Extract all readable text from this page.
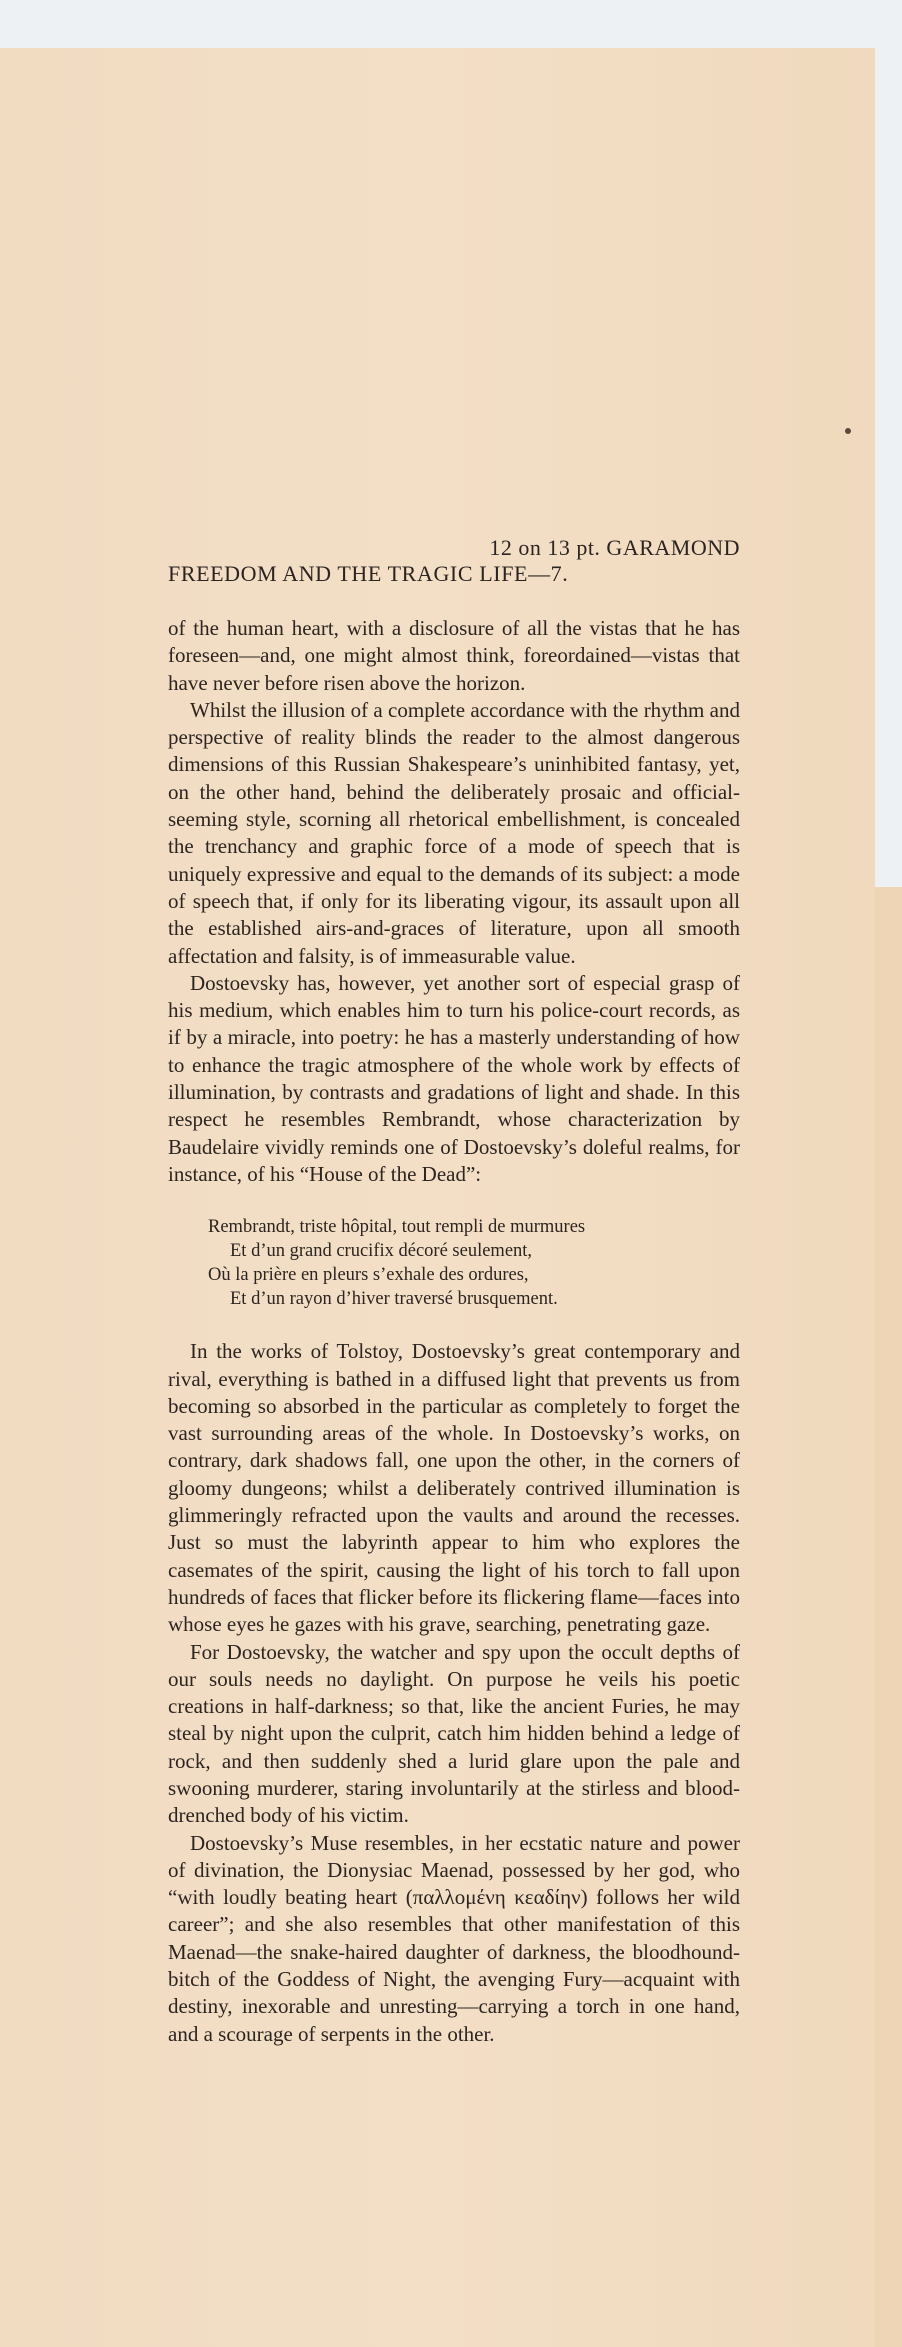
12 on 13 pt. GARAMOND

FREEDOM AND THE TRAGIC LIFE—7.

of the human heart, with a disclosure of all the vistas that he has foreseen—and, one might almost think, foreordained—vistas that have never before risen above the horizon.

Whilst the illusion of a complete accordance with the rhythm and perspective of reality blinds the reader to the almost dangerous dimensions of this Russian Shakespeare’s uninhibited fantasy, yet, on the other hand, behind the deliberately prosaic and official-seeming style, scorning all rhetorical embellishment, is concealed the trenchancy and graphic force of a mode of speech that is uniquely expressive and equal to the demands of its subject: a mode of speech that, if only for its liberating vigour, its assault upon all the established airs-and-graces of literature, upon all smooth affectation and falsity, is of immeasurable value.

Dostoevsky has, however, yet another sort of especial grasp of his medium, which enables him to turn his police-court records, as if by a miracle, into poetry: he has a masterly understanding of how to enhance the tragic atmosphere of the whole work by effects of illumination, by contrasts and gradations of light and shade. In this respect he resembles Rembrandt, whose characterization by Baudelaire vividly reminds one of Dostoevsky’s doleful realms, for instance, of his “House of the Dead”:

Rembrandt, triste hôpital, tout rempli de murmures
Et d’un grand crucifix décoré seulement,
Où la prière en pleurs s’exhale des ordures,
Et d’un rayon d’hiver traversé brusquement.

In the works of Tolstoy, Dostoevsky’s great contemporary and rival, everything is bathed in a diffused light that prevents us from becoming so absorbed in the particular as completely to forget the vast surrounding areas of the whole. In Dostoevsky’s works, on contrary, dark shadows fall, one upon the other, in the corners of gloomy dungeons; whilst a deliberately contrived illumination is glimmeringly refracted upon the vaults and around the recesses. Just so must the labyrinth appear to him who explores the casemates of the spirit, causing the light of his torch to fall upon hundreds of faces that flicker before its flickering flame—faces into whose eyes he gazes with his grave, searching, penetrating gaze.

For Dostoevsky, the watcher and spy upon the occult depths of our souls needs no daylight. On purpose he veils his poetic creations in half-darkness; so that, like the ancient Furies, he may steal by night upon the culprit, catch him hidden behind a ledge of rock, and then suddenly shed a lurid glare upon the pale and swooning murderer, staring involuntarily at the stirless and blood-drenched body of his victim.

Dostoevsky’s Muse resembles, in her ecstatic nature and power of divination, the Dionysiac Maenad, possessed by her god, who “with loudly beating heart (παλλομένη κεαδίην) follows her wild career”; and she also resembles that other manifestation of this Maenad—the snake-haired daughter of darkness, the bloodhound-bitch of the Goddess of Night, the avenging Fury—acquaint with destiny, inexorable and unresting—carrying a torch in one hand, and a scourage of serpents in the other.
